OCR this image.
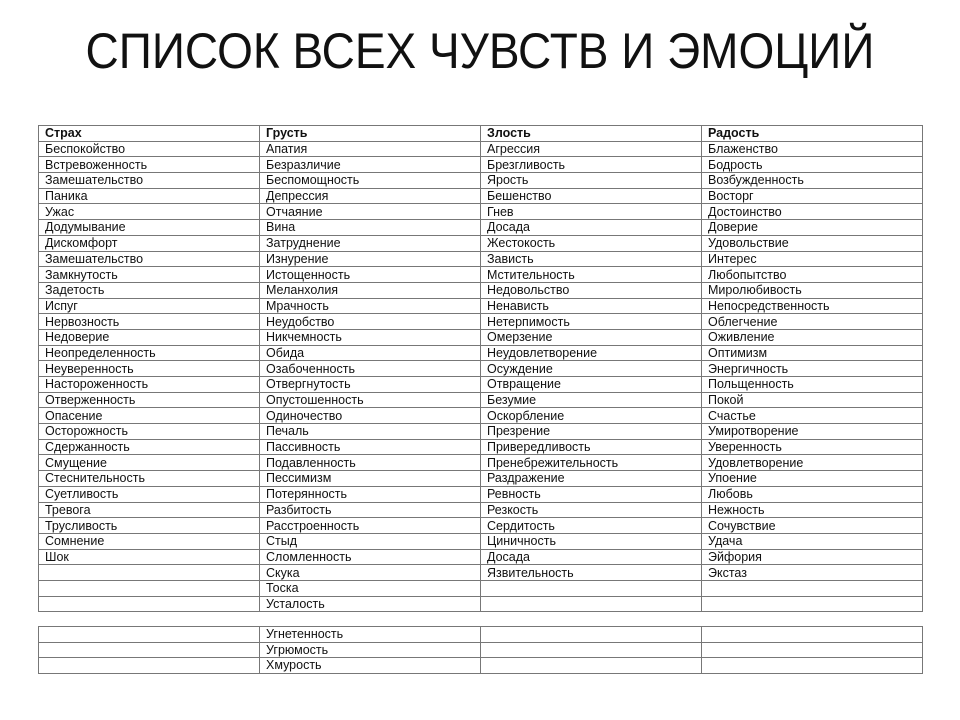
СПИСОК ВСЕХ ЧУВСТВ И ЭМОЦИЙ
Страх	Грусть	Злость	Радость
Беспокойство	Апатия	Агрессия	Блаженство
Встревоженность	Безразличие	Брезгливость	Бодрость
Замешательство	Беспомощность	Ярость	Возбужденность
Паника	Депрессия	Бешенство	Восторг
Ужас	Отчаяние	Гнев	Достоинство
Додумывание	Вина	Досада	Доверие
Дискомфорт	Затруднение	Жестокость	Удовольствие
Замешательство	Изнурение	Зависть	Интерес
Замкнутость	Истощенность	Мстительность	Любопытство
Задетость	Меланхолия	Недовольство	Миролюбивость
Испуг	Мрачность	Ненависть	Непосредственность
Нервозность	Неудобство	Нетерпимость	Облегчение
Недоверие	Никчемность	Омерзение	Оживление
Неопределенность	Обида	Неудовлетворение	Оптимизм
Неуверенность	Озабоченность	Осуждение	Энергичность
Настороженность	Отвергнутость	Отвращение	Польщенность
Отверженность	Опустошенность	Безумие	Покой
Опасение	Одиночество	Оскорбление	Счастье
Осторожность	Печаль	Презрение	Умиротворение
Сдержанность	Пассивность	Привередливость	Уверенность
Смущение	Подавленность	Пренебрежительность	Удовлетворение
Стеснительность	Пессимизм	Раздражение	Упоение
Суетливость	Потерянность	Ревность	Любовь
Тревога	Разбитость	Резкость	Нежность
Трусливость	Расстроенность	Сердитость	Сочувствие
Сомнение	Стыд	Циничность	Удача
Шок	Сломленность	Досада	Эйфория
	Скука	Язвительность	Экстаз
	Тоска		
	Усталость		
	Угнетенность		
	Угрюмость		
	Хмурость		
